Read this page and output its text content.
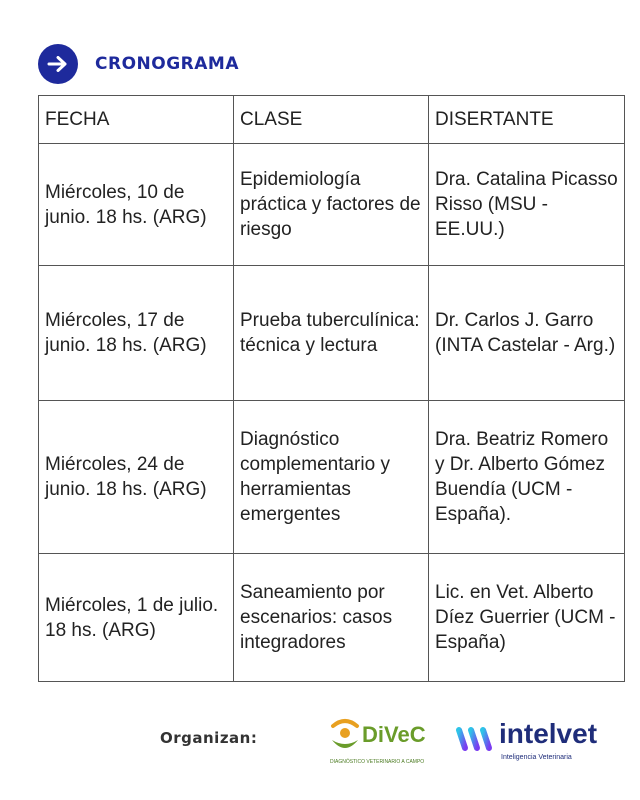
CRONOGRAMA
FECHA	CLASE	DISERTANTE
Miércoles, 10 de junio. 18 hs. (ARG)	Epidemiología práctica y factores de riesgo	Dra. Catalina Picasso Risso (MSU - EE.UU.)
Miércoles, 17 de junio. 18 hs. (ARG)	Prueba tuberculínica: técnica y lectura	Dr. Carlos J. Garro (INTA Castelar - Arg.)
Miércoles, 24 de junio. 18 hs. (ARG)	Diagnóstico complementario y herramientas emergentes	Dra. Beatriz Romero y Dr. Alberto Gómez Buendía (UCM - España).
Miércoles, 1 de julio. 18 hs. (ARG)	Saneamiento por escenarios: casos integradores	Lic. en Vet. Alberto Díez Guerrier (UCM - España)
Organizan:	DiVeC
DIAGNÓSTICO VETERINARIO A CAMPO
intelvet
Inteligencia Veterinaria
